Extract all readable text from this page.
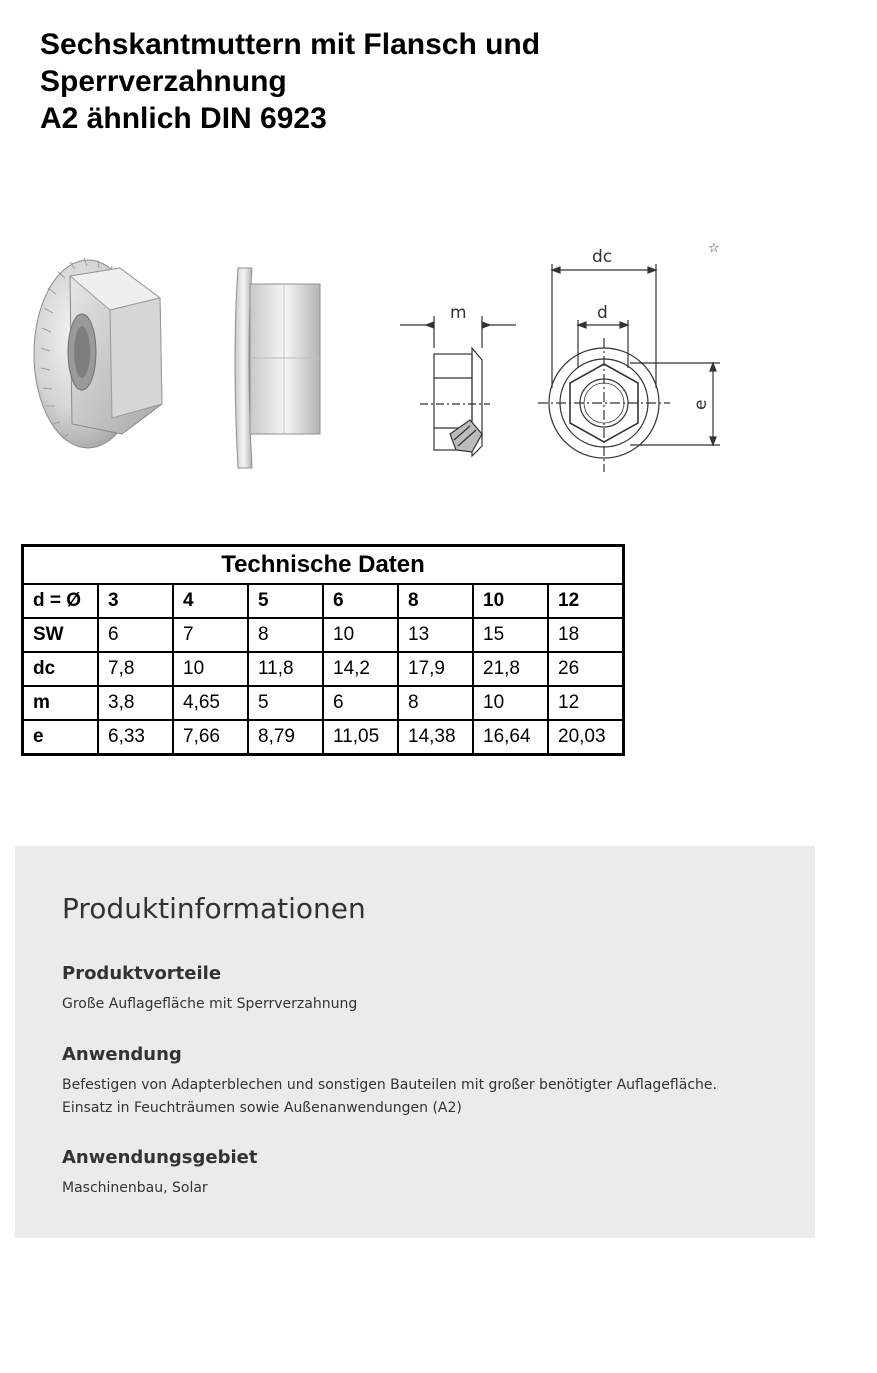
Sechskantmuttern mit Flansch und
Sperrverzahnung
A2 ähnlich DIN 6923
dc
d
m
e
☆
Technische Daten							
d = Ø	3	4	5	6	8	10	12
SW	6	7	8	10	13	15	18
dc	7,8	10	11,8	14,2	17,9	21,8	26
m	3,8	4,65	5	6	8	10	12
e	6,33	7,66	8,79	11,05	14,38	16,64	20,03
Produktinformationen
Produktvorteile

Große Auflagefläche mit Sperrverzahnung

Anwendung

Befestigen von Adapterblechen und sonstigen Bauteilen mit großer benötigter Auflagefläche.

Einsatz in Feuchträumen sowie Außenanwendungen (A2)

Anwendungsgebiet

Maschinenbau, Solar
